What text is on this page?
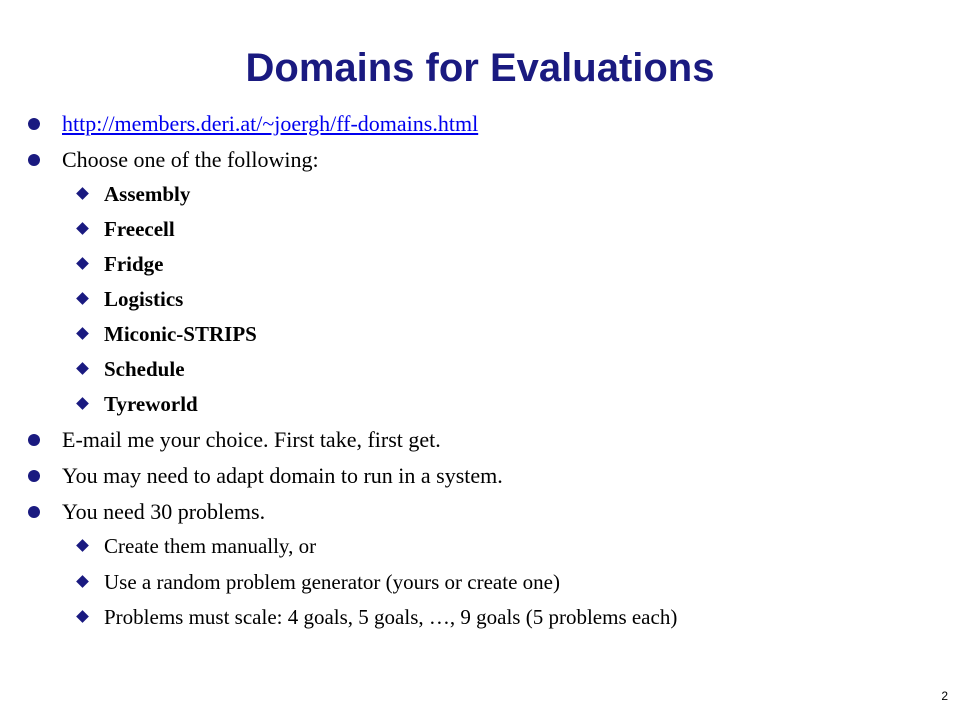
Domains for Evaluations
http://members.deri.at/~joergh/ff-domains.html
Choose one of the following:
Assembly
Freecell
Fridge
Logistics
Miconic-STRIPS
Schedule
Tyreworld
E-mail me your choice. First take, first get.
You may need to adapt domain to run in a system.
You need 30 problems.
Create them manually, or
Use a random problem generator (yours or create one)
Problems must scale: 4 goals, 5 goals, …, 9 goals (5 problems each)
2
